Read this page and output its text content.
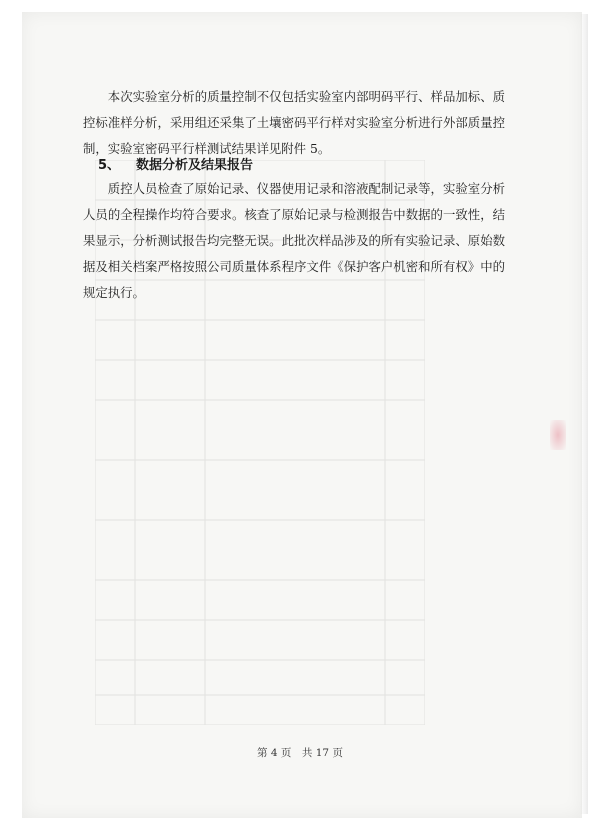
本次实验室分析的质量控制不仅包括实验室内部明码平行、样品加标、质控标准样分析，采用组还采集了土壤密码平行样对实验室分析进行外部质量控制，实验室密码平行样测试结果详见附件 5。

5、 数据分析及结果报告

质控人员检查了原始记录、仪器使用记录和溶液配制记录等，实验室分析人员的全程操作均符合要求。核查了原始记录与检测报告中数据的一致性，结果显示，分析测试报告均完整无误。此批次样品涉及的所有实验记录、原始数据及相关档案严格按照公司质量体系程序文件《保护客户机密和所有权》中的规定执行。

第 4 页　共 17 页
